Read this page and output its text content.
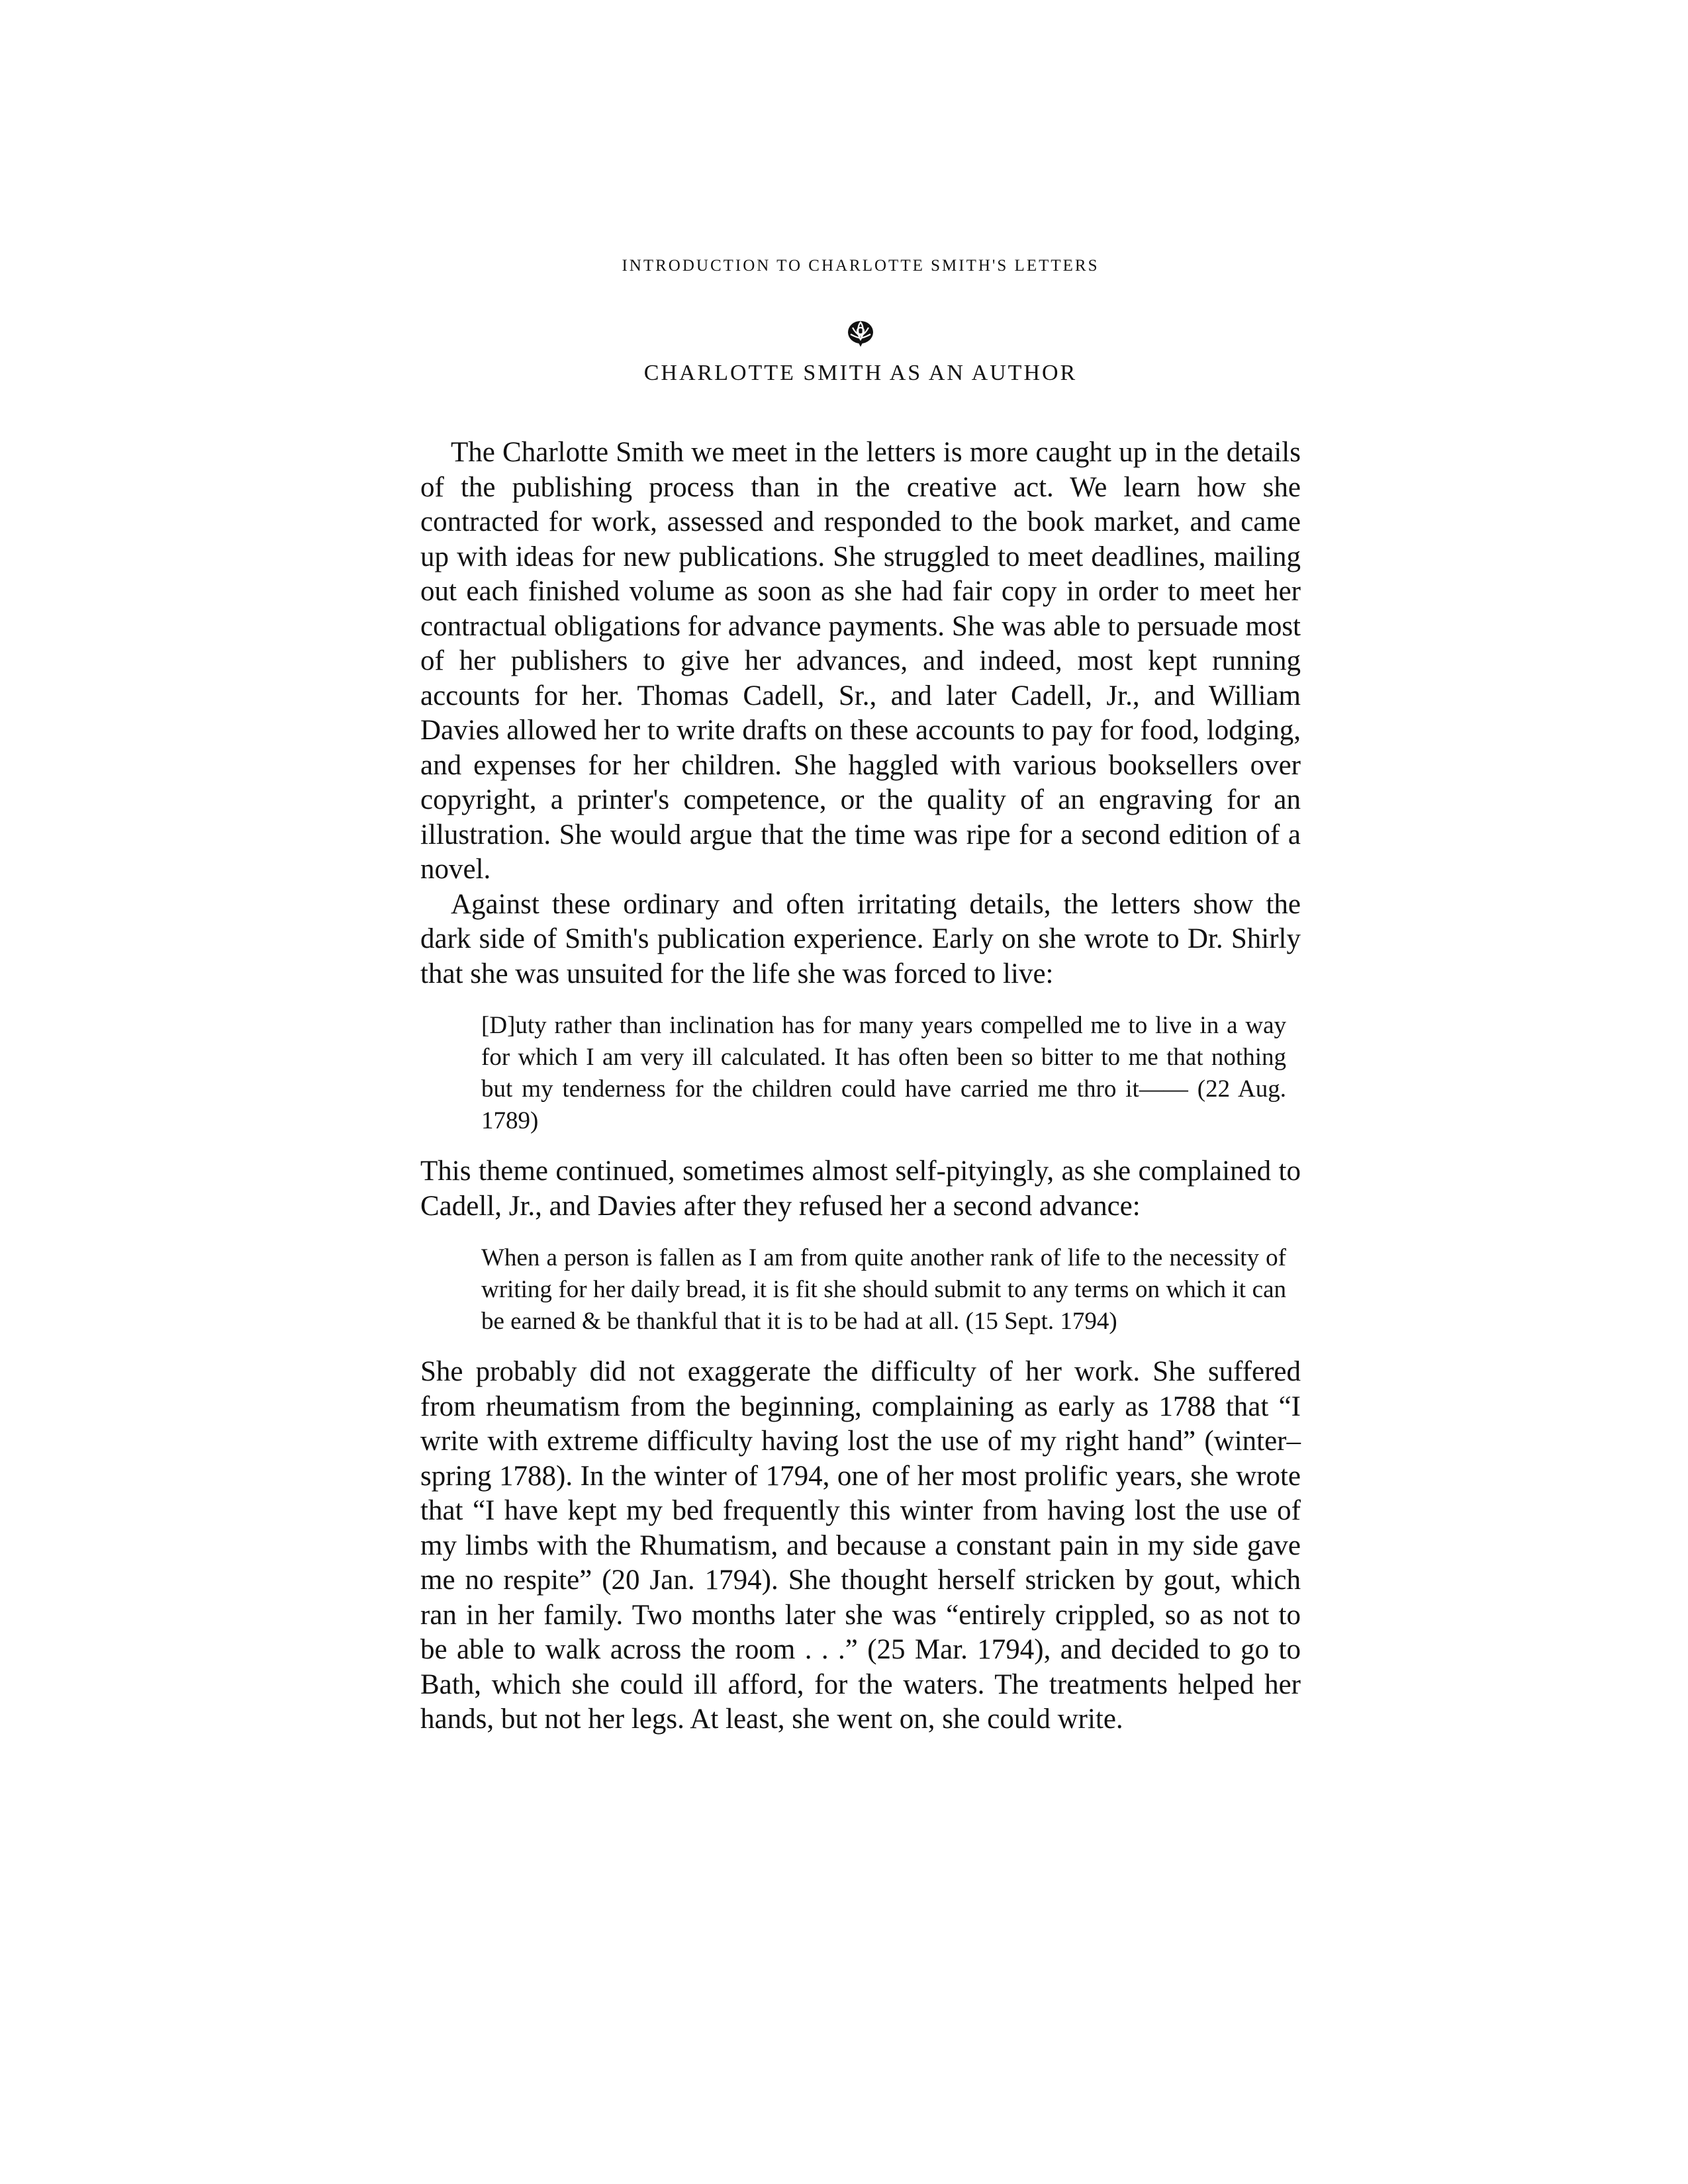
INTRODUCTION TO CHARLOTTE SMITH'S LETTERS
CHARLOTTE SMITH AS AN AUTHOR

The Charlotte Smith we meet in the letters is more caught up in the details of the publishing process than in the creative act. We learn how she contracted for work, assessed and responded to the book market, and came up with ideas for new publications. She struggled to meet deadlines, mailing out each finished volume as soon as she had fair copy in order to meet her contractual obligations for advance payments. She was able to persuade most of her publishers to give her advances, and indeed, most kept running accounts for her. Thomas Cadell, Sr., and later Cadell, Jr., and William Davies allowed her to write drafts on these accounts to pay for food, lodging, and expenses for her children. She haggled with various booksellers over copyright, a printer's competence, or the quality of an engraving for an illustration. She would argue that the time was ripe for a second edition of a novel.

Against these ordinary and often irritating details, the letters show the dark side of Smith's publication experience. Early on she wrote to Dr. Shirly that she was unsuited for the life she was forced to live:

[D]uty rather than inclination has for many years compelled me to live in a way for which I am very ill calculated. It has often been so bitter to me that nothing but my tenderness for the children could have carried me thro it—— (22 Aug. 1789)

This theme continued, sometimes almost self-pityingly, as she complained to Cadell, Jr., and Davies after they refused her a second advance:

When a person is fallen as I am from quite another rank of life to the necessity of writing for her daily bread, it is fit she should submit to any terms on which it can be earned & be thankful that it is to be had at all. (15 Sept. 1794)

She probably did not exaggerate the difficulty of her work. She suffered from rheumatism from the beginning, complaining as early as 1788 that “I write with extreme difficulty having lost the use of my right hand” (winter–spring 1788). In the winter of 1794, one of her most prolific years, she wrote that “I have kept my bed frequently this winter from having lost the use of my limbs with the Rhumatism, and because a constant pain in my side gave me no respite” (20 Jan. 1794). She thought herself stricken by gout, which ran in her family. Two months later she was “entirely crippled, so as not to be able to walk across the room . . .” (25 Mar. 1794), and decided to go to Bath, which she could ill afford, for the waters. The treatments helped her hands, but not her legs. At least, she went on, she could write.
